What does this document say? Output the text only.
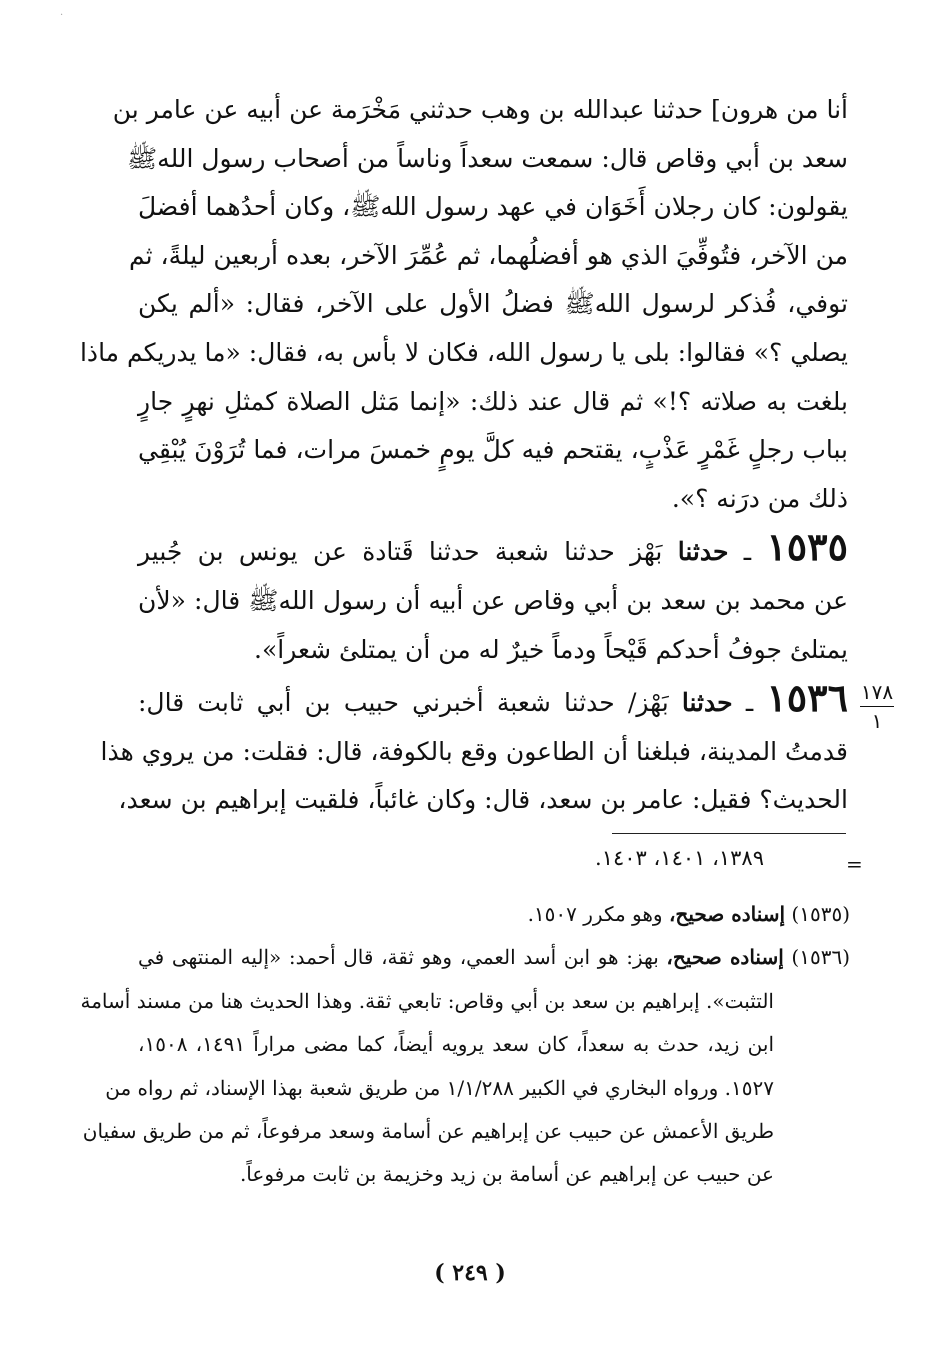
·
أنا من هرون] حدثنا عبدالله بن وهب حدثني مَخْرَمة عن أبيه عن عامر بن
سعد بن أبي وقاص قال: سمعت سعداً وناساً من أصحاب رسول اللهﷺ
يقولون: كان رجلان أَخَوَان في عهد رسول اللهﷺ، وكان أحدُهما أفضلَ
من الآخر، فتُوفِّيَ الذي هو أفضلُهما، ثم عُمِّرَ الآخر، بعده أربعين ليلةً، ثم
توفي، فُذكر لرسول اللهﷺ فضلُ الأول على الآخر، فقال: «ألم يكن
يصلي ؟» فقالوا: بلى يا رسول الله، فكان لا بأس به، فقال: «ما يدريكم ماذا
بلغت به صلاته ؟!» ثم قال عند ذلك: «إنما مَثل الصلاة كمثلِ نهرٍ جارٍ
بباب رجلٍ غَمْرٍ عَذْبٍ، يقتحم فيه كلَّ يومٍ خمسَ مرات، فما تُرَوْنَ يُبْقِي
ذلك من درَنه ؟».
١٥٣٥ ـ حدثنا بَهْز حدثنا شعبة حدثنا قَتادة عن يونس بن جُبير
عن محمد بن سعد بن أبي وقاص عن أبيه أن رسول اللهﷺ قال: «لأن
يمتلئ جوفُ أحدكم قَيْحاً ودماً خيرٌ له من أن يمتلئ شعراً».
١٥٣٦ ـ حدثنا بَهْز/ حدثنا شعبة أخبرني حبيب بن أبي ثابت قال:
قدمتُ المدينة، فبلغنا أن الطاعون وقع بالكوفة، قال: فقلت: من يروي هذا
الحديث؟ فقيل: عامر بن سعد، قال: وكان غائباً، فلقيت إبراهيم بن سعد،
١٧٨
١
=
١٣٨٩، ١٤٠١، ١٤٠٣.
(١٥٣٥) إسناده صحيح، وهو مكرر ١٥٠٧.
(١٥٣٦) إسناده صحيح، بهز: هو ابن أسد العمي، وهو ثقة، قال أحمد: «إليه المنتهى في
التثبت». إبراهيم بن سعد بن أبي وقاص: تابعي ثقة. وهذا الحديث هنا من مسند أسامة
ابن زيد، حدث به سعداً، كان سعد يرويه أيضاً، كما مضى مراراً ١٤٩١، ١٥٠٨،
١٥٢٧. ورواه البخاري في الكبير ١/١/٢٨٨ من طريق شعبة بهذا الإسناد، ثم رواه من
طريق الأعمش عن حبيب عن إبراهيم عن أسامة وسعد مرفوعاً، ثم من طريق سفيان
عن حبيب عن إبراهيم عن أسامة بن زيد وخزيمة بن ثابت مرفوعاً.
( ٢٤٩ )
